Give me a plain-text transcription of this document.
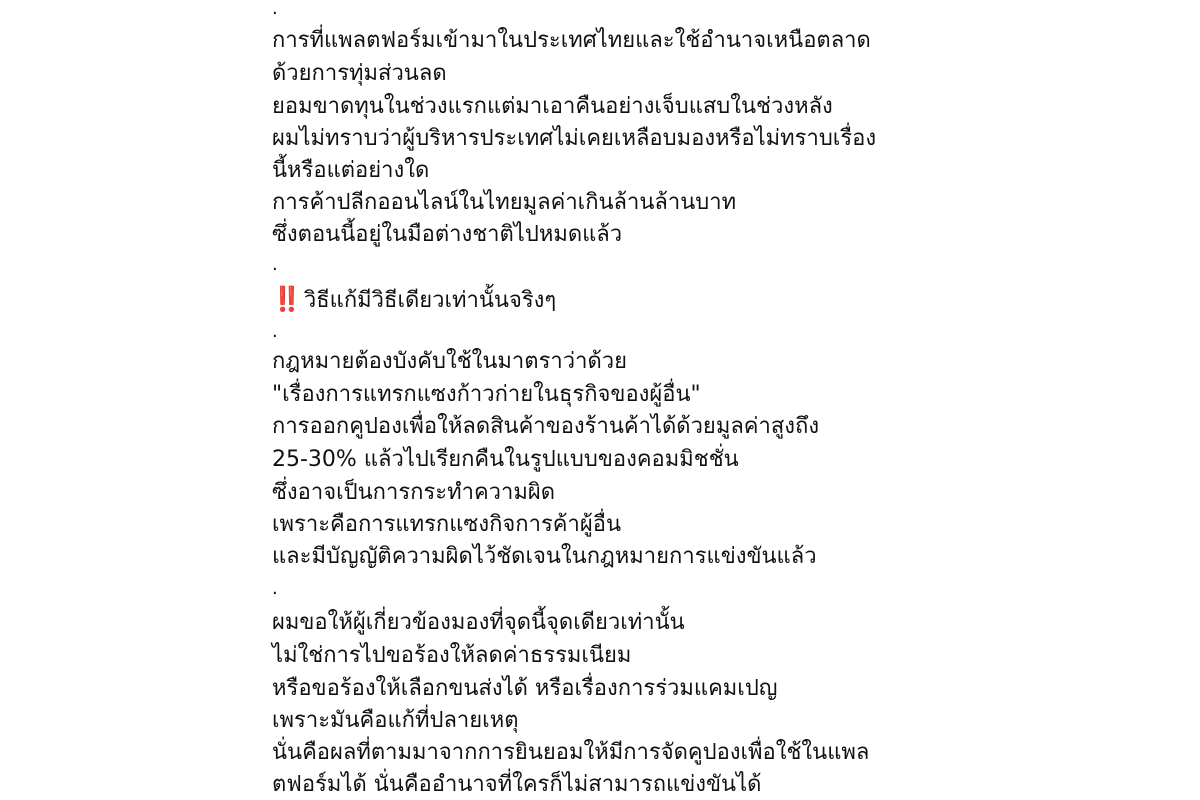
.
การที่แพลตฟอร์มเข้ามาในประเทศไทยและใช้อำนาจเหนือตลาด
ด้วยการทุ่มส่วนลด
ยอมขาดทุนในช่วงแรกแต่มาเอาคืนอย่างเจ็บแสบในช่วงหลัง
ผมไม่ทราบว่าผู้บริหารประเทศไม่เคยเหลือบมองหรือไม่ทราบเรื่อง
นี้หรือแต่อย่างใด
การค้าปลีกออนไลน์ในไทยมูลค่าเกินล้านล้านบาท
ซึ่งตอนนี้อยู่ในมือต่างชาติไปหมดแล้ว
.
‼️ วิธีแก้มีวิธีเดียวเท่านั้นจริงๆ
.
กฎหมายต้องบังคับใช้ในมาตราว่าด้วย
"เรื่องการแทรกแซงก้าวก่ายในธุรกิจของผู้อื่น"
การออกคูปองเพื่อให้ลดสินค้าของร้านค้าได้ด้วยมูลค่าสูงถึง
25-30% แล้วไปเรียกคืนในรูปแบบของคอมมิชชั่น
ซึ่งอาจเป็นการกระทำความผิด
เพราะคือการแทรกแซงกิจการค้าผู้อื่น
และมีบัญญัติความผิดไว้ชัดเจนในกฎหมายการแข่งขันแล้ว
.
ผมขอให้ผู้เกี่ยวข้องมองที่จุดนี้จุดเดียวเท่านั้น
ไม่ใช่การไปขอร้องให้ลดค่าธรรมเนียม
หรือขอร้องให้เลือกขนส่งได้ หรือเรื่องการร่วมแคมเปญ
เพราะมันคือแก้ที่ปลายเหตุ
นั่นคือผลที่ตามมาจากการยินยอมให้มีการจัดคูปองเพื่อใช้ในแพล
ตฟอร์มได้ นั่นคืออำนาจที่ใครก็ไม่สามารถแข่งขันได้
